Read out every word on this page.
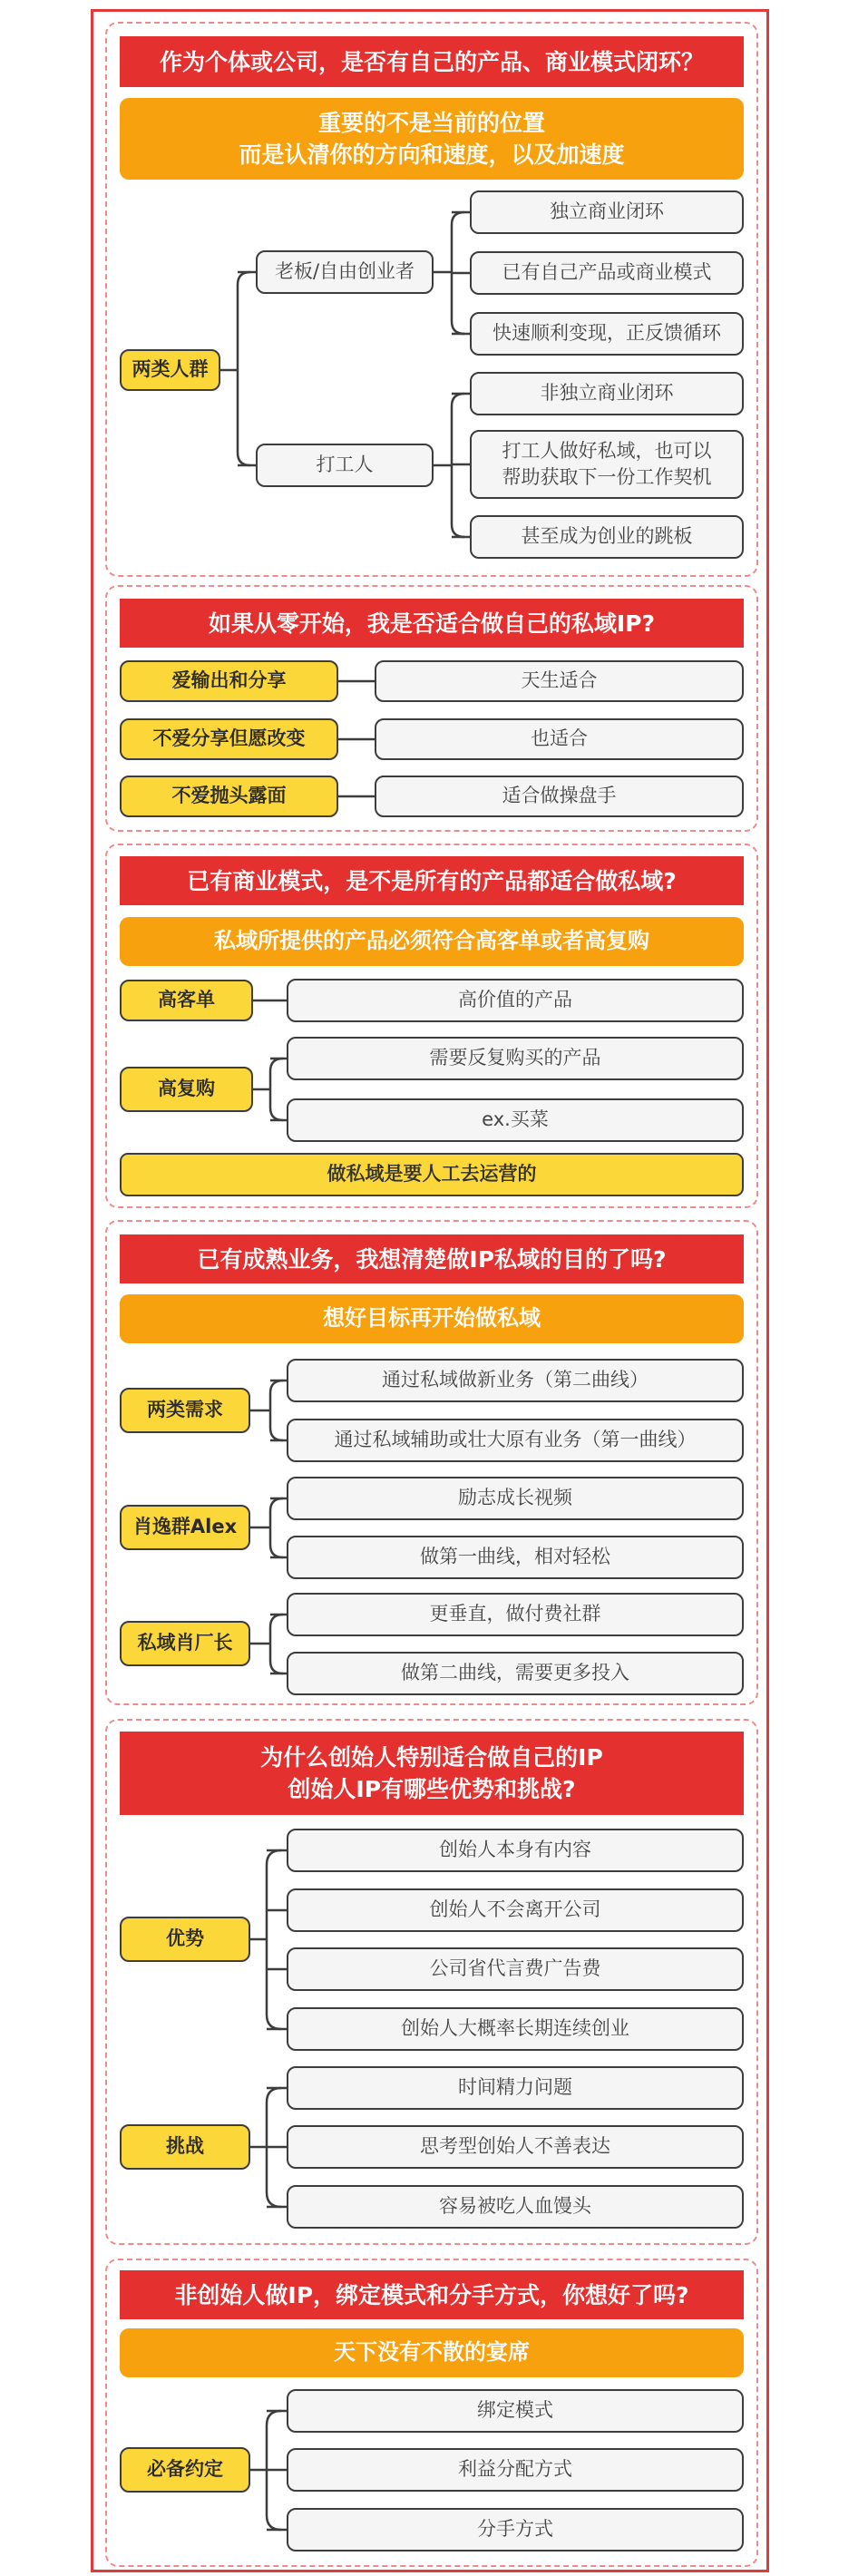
作为个体或公司，是否有自己的产品、商业模式闭环？
重要的不是当前的位置
而是认清你的方向和速度，以及加速度
两类人群
老板/自由创业者
独立商业闭环
已有自己产品或商业模式
快速顺利变现，正反馈循环
打工人
非独立商业闭环
打工人做好私域，也可以
帮助获取下一份工作契机
甚至成为创业的跳板
如果从零开始，我是否适合做自己的私域IP?
爱输出和分享	天生适合
不爱分享但愿改变	也适合
不爱抛头露面	适合做操盘手
已有商业模式，是不是所有的产品都适合做私域?
私域所提供的产品必须符合高客单或者高复购
高客单	高价值的产品
高复购
需要反复购买的产品
ex.买菜
做私域是要人工去运营的
已有成熟业务，我想清楚做IP私域的目的了吗?
想好目标再开始做私域
两类需求
通过私域做新业务（第二曲线）
通过私域辅助或壮大原有业务（第一曲线）
肖逸群Alex
励志成长视频
做第一曲线，相对轻松
私域肖厂长
更垂直，做付费社群
做第二曲线，需要更多投入
为什么创始人特别适合做自己的IP
创始人IP有哪些优势和挑战?
优势
创始人本身有内容
创始人不会离开公司
公司省代言费广告费
创始人大概率长期连续创业
挑战
时间精力问题
思考型创始人不善表达
容易被吃人血馒头
非创始人做IP，绑定模式和分手方式，你想好了吗?
天下没有不散的宴席
必备约定
绑定模式
利益分配方式
分手方式
